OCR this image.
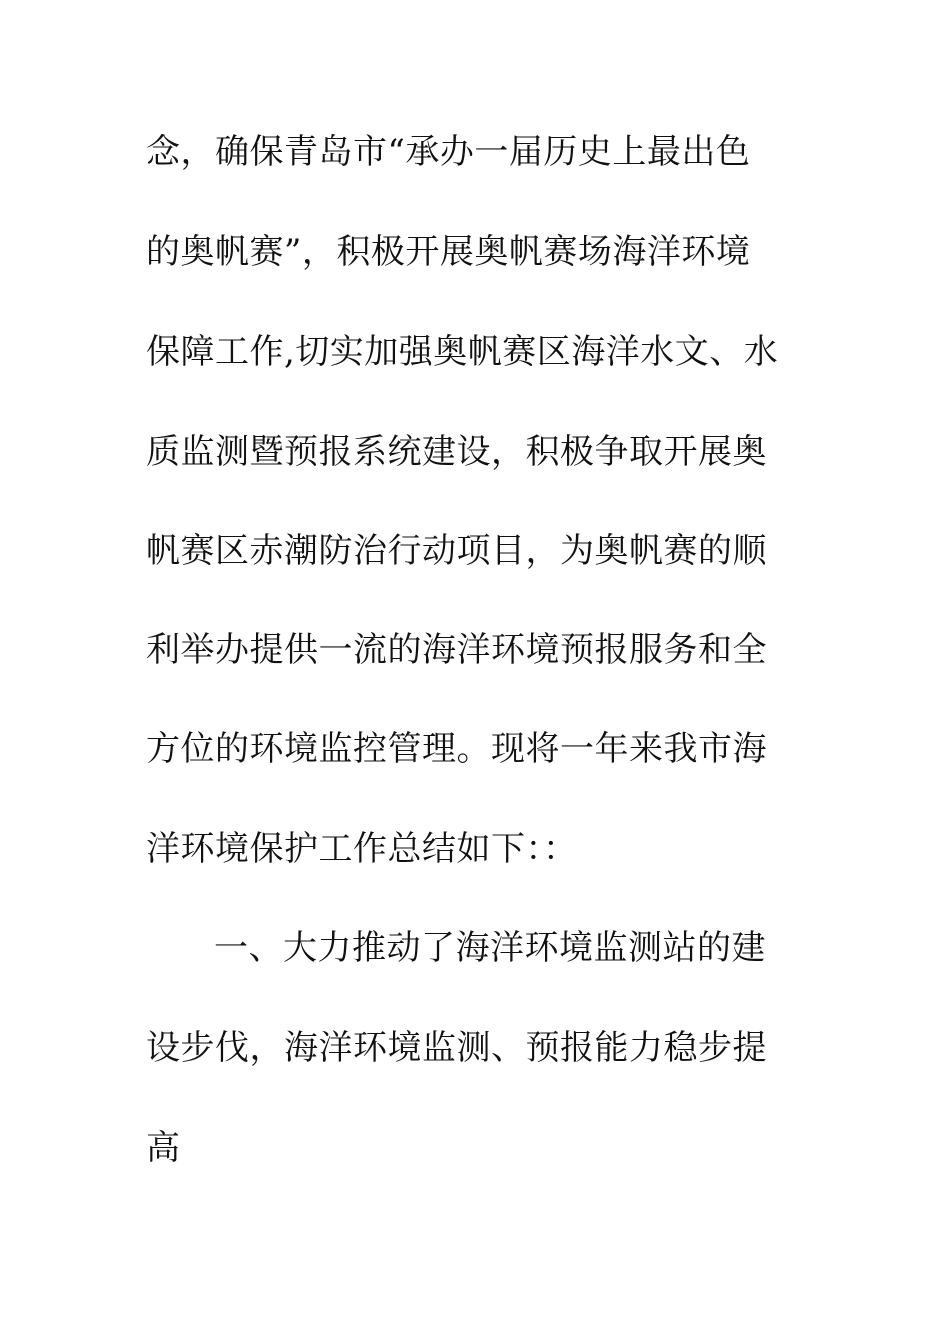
念，确保青岛市“承办一届历史上最出色
的奥帆赛”，积极开展奥帆赛场海洋环境
保障工作,切实加强奥帆赛区海洋水文、水
质监测暨预报系统建设，积极争取开展奥
帆赛区赤潮防治行动项目，为奥帆赛的顺
利举办提供一流的海洋环境预报服务和全
方位的环境监控管理。现将一年来我市海
洋环境保护工作总结如下：：
一、大力推动了海洋环境监测站的建
设步伐，海洋环境监测、预报能力稳步提
高
